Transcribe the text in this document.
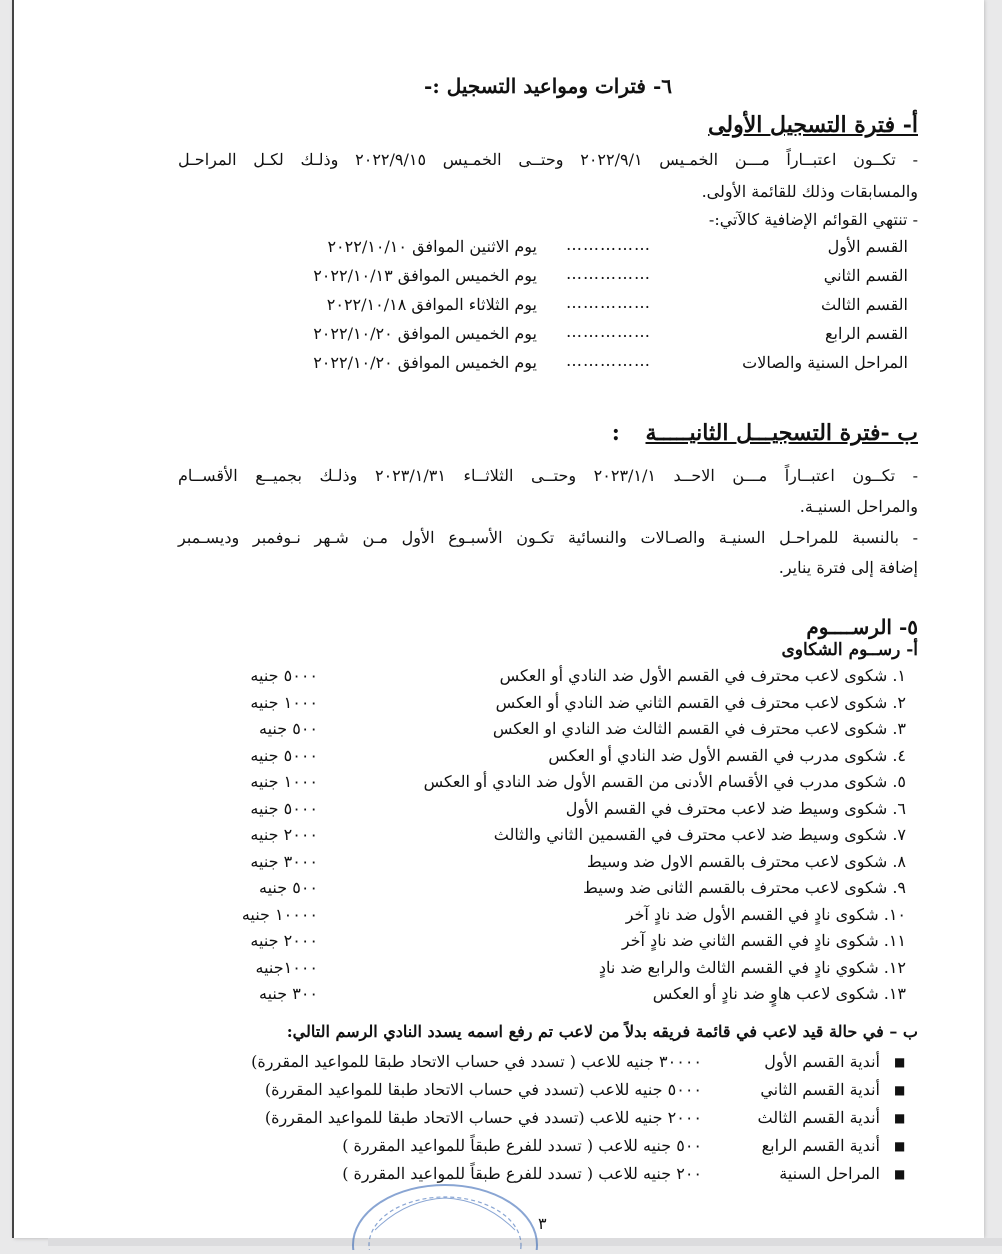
٦- فترات ومواعيد التسجيل :-
أ- فترة التسجيل الأولى
- تكــون اعتبــاراً مـــن الخمـيس ٢٠٢٢/٩/١ وحتــى الخمـيس ٢٠٢٢/٩/١٥ وذلـك لكـل المراحـل
والمسابقات وذلك للقائمة الأولى.
- تنتهي القوائم الإضافية كالآتي:-
القسم الأول
……………
يوم الاثنين الموافق ٢٠٢٢/١٠/١٠
القسم الثاني
……………
يوم الخميس الموافق ٢٠٢٢/١٠/١٣
القسم الثالث
……………
يوم الثلاثاء الموافق ٢٠٢٢/١٠/١٨
القسم الرابع
……………
يوم الخميس الموافق ٢٠٢٢/١٠/٢٠
المراحل السنية والصالات
……………
يوم الخميس الموافق ٢٠٢٢/١٠/٢٠
ب -فترة التسجيـــل الثانيـــــة :
- تكــون اعتبــاراً مـــن الاحــد ٢٠٢٣/١/١ وحتــى الثلاثــاء ٢٠٢٣/١/٣١ وذلـك بجميــع الأقســام
والمراحل السنيـة.
- بالنسبة للمراحـل السنيـة والصـالات والنسائية تكـون الأسبـوع الأول مـن شـهر نـوفمبر وديسـمبر
إضافة إلى فترة يناير.
٥- الرســــوم
أ- رســوم الشكاوى
١. شكوى لاعب محترف في القسم الأول ضد النادي أو العكس
٥٠٠٠ جنيه
٢. شكوى لاعب محترف في القسم الثاني ضد النادي أو العكس
١٠٠٠ جنيه
٣. شكوى لاعب محترف في القسم الثالث ضد النادي او العكس
٥٠٠ جنيه
٤. شكوى مدرب في القسم الأول ضد النادي أو العكس
٥٠٠٠ جنيه
٥. شكوى مدرب في الأقسام الأدنى من القسم الأول ضد النادي أو العكس
١٠٠٠ جنيه
٦. شكوى وسيط ضد لاعب محترف في القسم الأول
٥٠٠٠ جنيه
٧. شكوى وسيط ضد لاعب محترف في القسمين الثاني والثالث
٢٠٠٠ جنيه
٨. شكوى لاعب محترف بالقسم الاول ضد وسيط
٣٠٠٠ جنيه
٩. شكوى لاعب محترف بالقسم الثانى ضد وسيط
٥٠٠ جنيه
١٠. شكوى نادٍ في القسم الأول ضد نادٍ آخر
١٠٠٠٠ جنيه
١١. شكوى نادٍ في القسم الثاني ضد نادٍ آخر
٢٠٠٠ جنيه
١٢. شكوي نادٍ في القسم الثالث والرابع ضد نادٍ
١٠٠٠جنيه
١٣. شكوى لاعب هاوٍ ضد نادٍ أو العكس
٣٠٠ جنيه
ب – في حالة قيد لاعب في قائمة فريقه بدلاً من لاعب تم رفع اسمه يسدد النادي الرسم التالي:
■
أندية القسم الأول
٣٠٠٠٠ جنيه للاعب ( تسدد في حساب الاتحاد طبقا للمواعيد المقررة)
■
أندية القسم الثاني
٥٠٠٠ جنيه للاعب (تسدد في حساب الاتحاد طبقا للمواعيد المقررة)
■
أندية القسم الثالث
٢٠٠٠ جنيه للاعب (تسدد في حساب الاتحاد طبقا للمواعيد المقررة)
■
أندية القسم الرابع
٥٠٠ جنيه للاعب ( تسدد للفرع طبقاً للمواعيد المقررة )
■
المراحل السنية
٢٠٠ جنيه للاعب ( تسدد للفرع طبقاً للمواعيد المقررة )
٣
